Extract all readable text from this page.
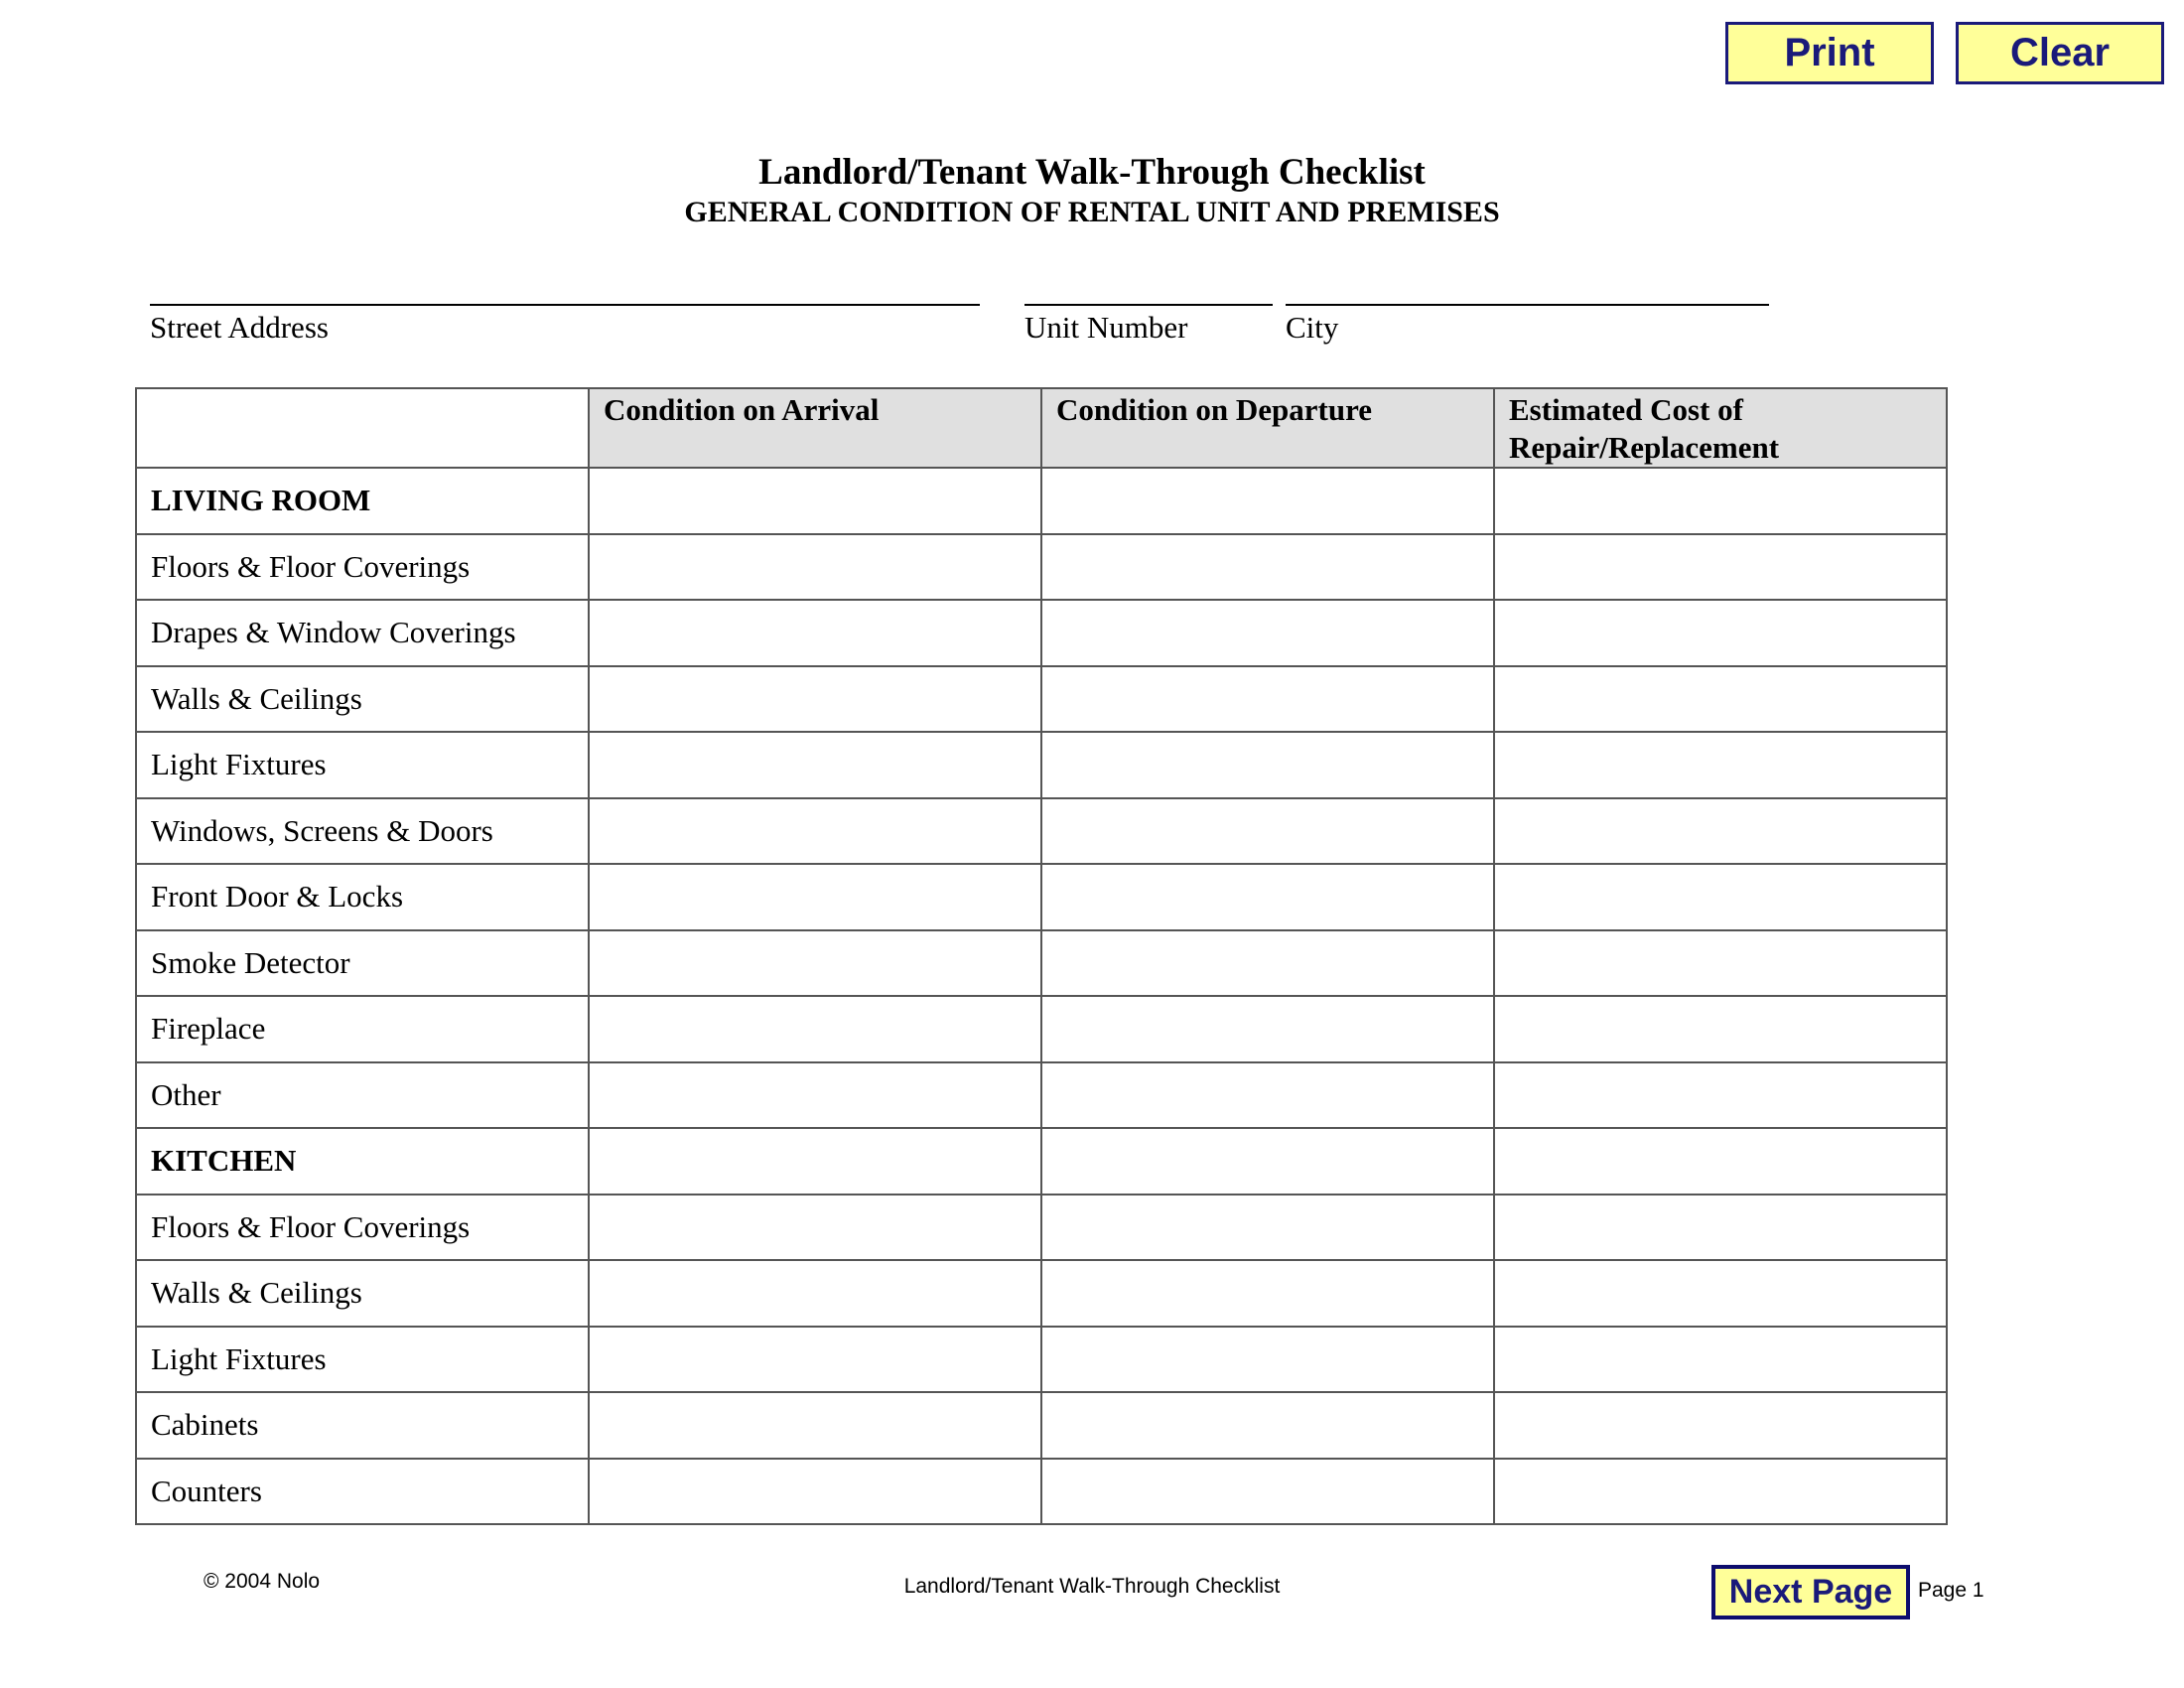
Print	Clear
Landlord/Tenant Walk-Through Checklist
GENERAL CONDITION OF RENTAL UNIT AND PREMISES
Street Address	Unit Number	City
	Condition on Arrival	Condition on Departure	Estimated Cost of Repair/Replacement
LIVING ROOM			
Floors & Floor Coverings			
Drapes & Window Coverings			
Walls & Ceilings			
Light Fixtures			
Windows, Screens & Doors			
Front Door & Locks			
Smoke Detector			
Fireplace			
Other			
KITCHEN			
Floors & Floor Coverings			
Walls & Ceilings			
Light Fixtures			
Cabinets			
Counters			
© 2004 Nolo	Landlord/Tenant Walk-Through Checklist	Next Page	Page 1
